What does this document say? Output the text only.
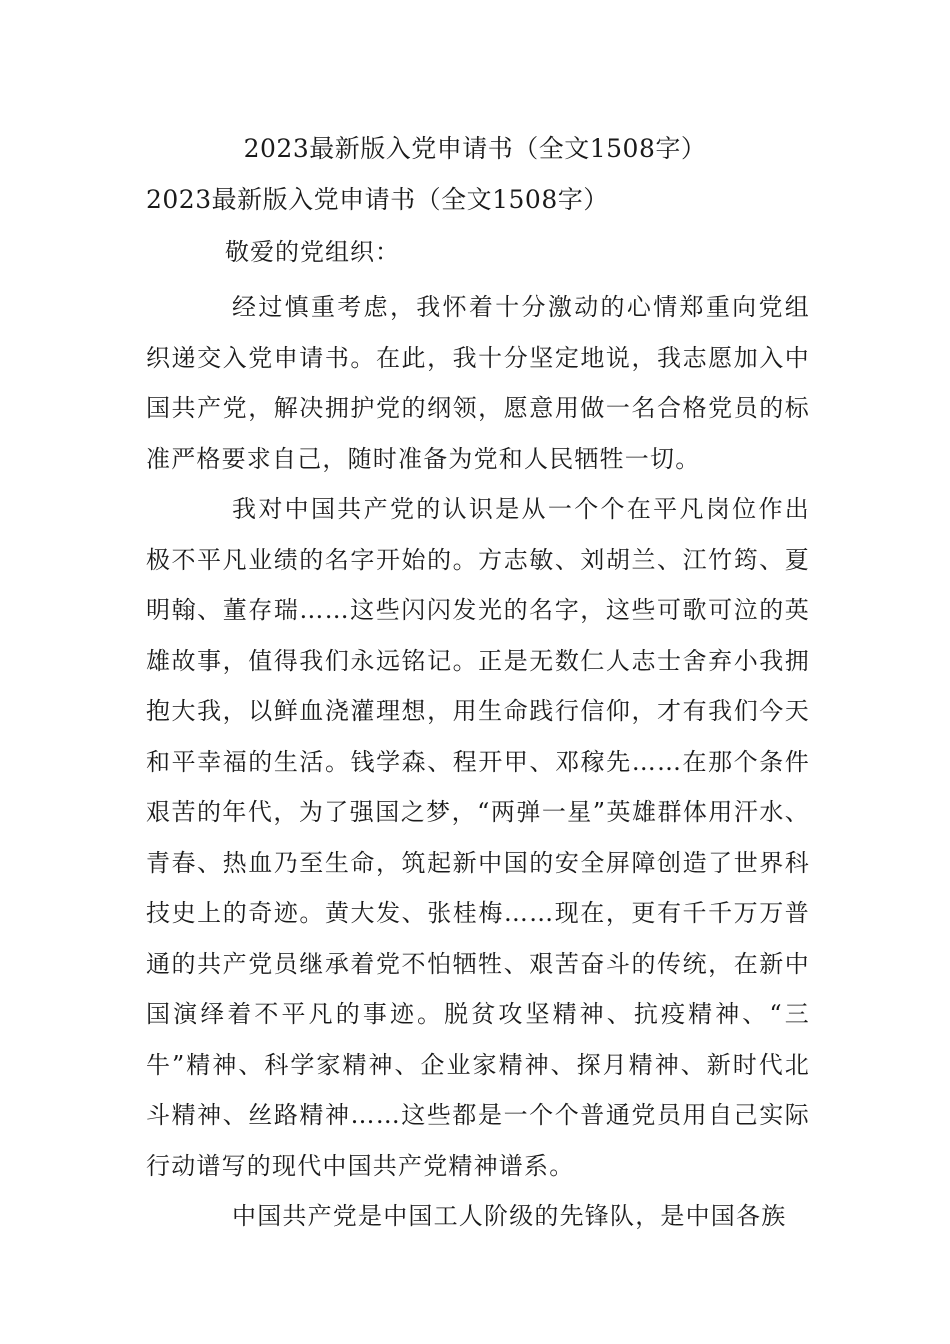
2023最新版入党申请书（全文1508字）
2023最新版入党申请书（全文1508字）
敬爱的党组织：

经过慎重考虑，我怀着十分激动的心情郑重向党组织递交入党申请书。在此，我十分坚定地说，我志愿加入中国共产党，解决拥护党的纲领，愿意用做一名合格党员的标准严格要求自己，随时准备为党和人民牺牲一切。

我对中国共产党的认识是从一个个在平凡岗位作出极不平凡业绩的名字开始的。方志敏、刘胡兰、江竹筠、夏明翰、董存瑞……这些闪闪发光的名字，这些可歌可泣的英雄故事，值得我们永远铭记。正是无数仁人志士舍弃小我拥抱大我，以鲜血浇灌理想，用生命践行信仰，才有我们今天和平幸福的生活。钱学森、程开甲、邓稼先……在那个条件艰苦的年代，为了强国之梦，“两弹一星”英雄群体用汗水、青春、热血乃至生命，筑起新中国的安全屏障创造了世界科技史上的奇迹。黄大发、张桂梅……现在，更有千千万万普通的共产党员继承着党不怕牺牲、艰苦奋斗的传统，在新中国演绎着不平凡的事迹。脱贫攻坚精神、抗疫精神、“三牛”精神、科学家精神、企业家精神、探月精神、新时代北斗精神、丝路精神……这些都是一个个普通党员用自己实际行动谱写的现代中国共产党精神谱系。

中国共产党是中国工人阶级的先锋队，是中国各族
